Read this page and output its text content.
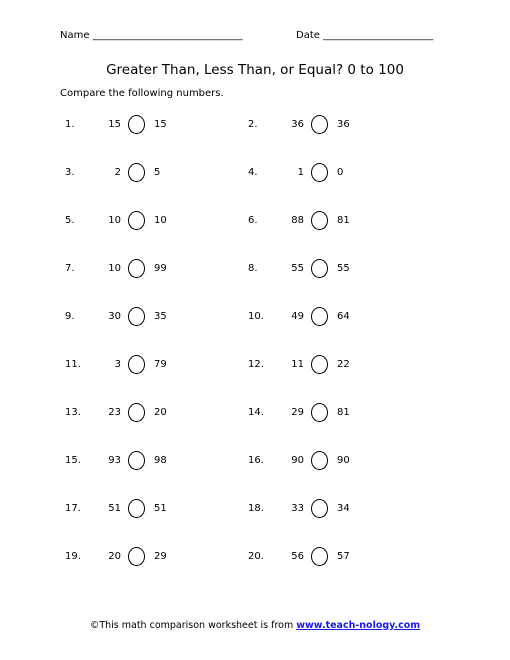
Name ______________________________	Date ______________________
Greater Than, Less Than, or Equal? 0 to 100
Compare the following numbers.
1.	15	15	2.	36	36
3.	2	5	4.	1	0
5.	10	10	6.	88	81
7.	10	99	8.	55	55
9.	30	35	10.	49	64
11.	3	79	12.	11	22
13.	23	20	14.	29	81
15.	93	98	16.	90	90
17.	51	51	18.	33	34
19.	20	29	20.	56	57
©This math comparison worksheet is from www.teach-nology.com
